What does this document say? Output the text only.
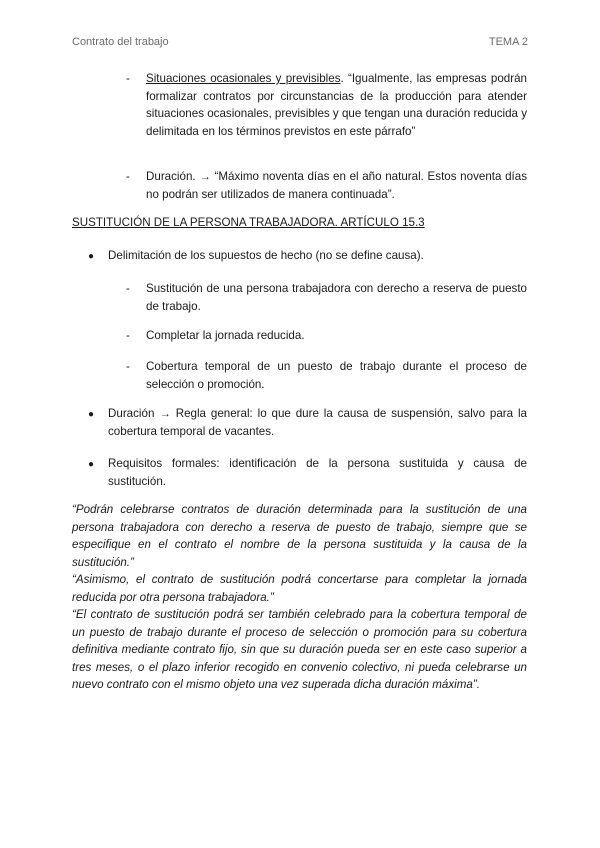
Contrato del trabajo	TEMA 2
- Situaciones ocasionales y previsibles. “Igualmente, las empresas podrán formalizar contratos por circunstancias de la producción para atender situaciones ocasionales, previsibles y que tengan una duración reducida y delimitada en los términos previstos en este párrafo”
- Duración. → “Máximo noventa días en el año natural. Estos noventa días no podrán ser utilizados de manera continuada”.
SUSTITUCIÓN DE LA PERSONA TRABAJADORA. ARTÍCULO 15.3
● Delimitación de los supuestos de hecho (no se define causa).
- Sustitución de una persona trabajadora con derecho a reserva de puesto de trabajo.
- Completar la jornada reducida.
- Cobertura temporal de un puesto de trabajo durante el proceso de selección o promoción.
● Duración → Regla general: lo que dure la causa de suspensión, salvo para la cobertura temporal de vacantes.
● Requisitos formales: identificación de la persona sustituida y causa de sustitución.
“Podrán celebrarse contratos de duración determinada para la sustitución de una persona trabajadora con derecho a reserva de puesto de trabajo, siempre que se especifique en el contrato el nombre de la persona sustituida y la causa de la sustitución.”
“Asimismo, el contrato de sustitución podrá concertarse para completar la jornada reducida por otra persona trabajadora.”
“El contrato de sustitución podrá ser también celebrado para la cobertura temporal de un puesto de trabajo durante el proceso de selección o promoción para su cobertura definitiva mediante contrato fijo, sin que su duración pueda ser en este caso superior a tres meses, o el plazo inferior recogido en convenio colectivo, ni pueda celebrarse un nuevo contrato con el mismo objeto una vez superada dicha duración máxima”.
